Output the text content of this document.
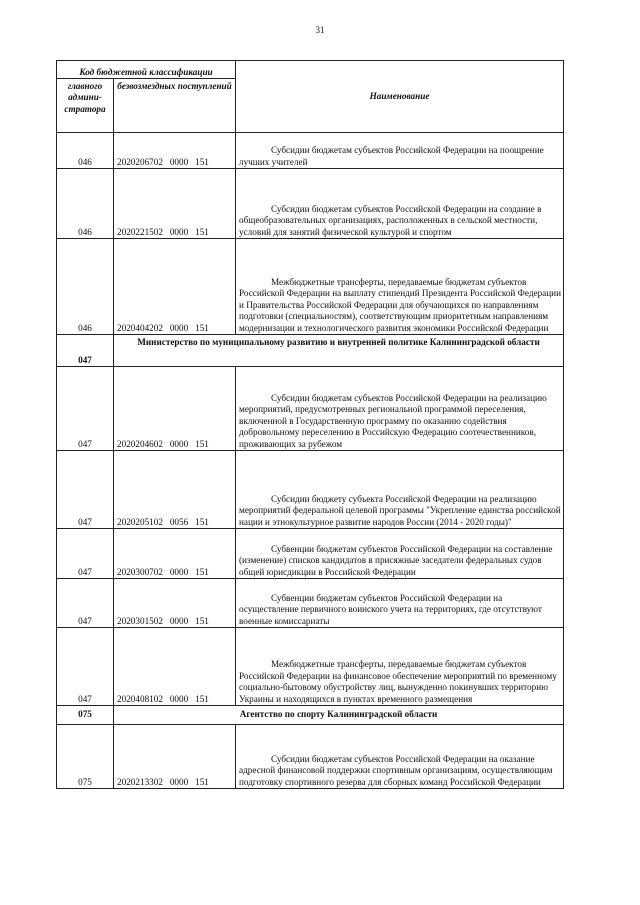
31
Код бюджетной классификации		Наименование
главного админи-стратора	безвозмездных поступлений	
046	2020206702   0000   151	Субсидии бюджетам субъектов Российской Федерации на поощрение лучших учителей

046	2020221502   0000   151	Субсидии бюджетам субъектов Российской Федерации на создание в общеобразовательных организациях, расположенных в сельской местности, условий для занятий физической культурой и спортом

046	2020404202   0000   151	Межбюджетные трансферты, передаваемые бюджетам субъектов Российской Федерации на выплату стипендий Президента Российской Федерации и Правительства Российской Федерации для обучающихся по направлениям подготовки (специальностям), соответствующим приоритетным направлениям модернизации и технологического развития экономики Российской Федерации

047	Министерство по муниципальному развитию и внутренней политике Калининградской области	
047	2020204602   0000   151	Субсидии бюджетам субъектов Российской Федерации на реализацию мероприятий, предусмотренных региональной программой переселения, включенной в Государственную программу по оказанию содействия добровольному переселению в Российскую Федерацию соотечественников, проживающих за рубежом

047	2020205102   0056   151	Субсидии бюджету субъекта Российской Федерации на реализацию мероприятий федеральной целевой программы "Укрепление единства российской нации и этнокультурное развитие народов России (2014 - 2020 годы)"

047	2020300702   0000   151	Субвенции бюджетам субъектов Российской Федерации на составление (изменение) списков кандидатов в присяжные заседатели федеральных судов общей юрисдикции в Российской Федерации

047	2020301502   0000   151	Субвенции бюджетам субъектов Российской Федерации на осуществление первичного воинского учета на территориях, где отсутствуют военные комиссариаты

047	2020408102   0000   151	Межбюджетные трансферты, передаваемые бюджетам субъектов Российской Федерации на финансовое обеспечение мероприятий по временному социально-бытовому обустройству лиц, вынужденно покинувших территорию Украины и находящихся в пунктах временного размещения

075	Агентство по спорту Калининградской области	
075	2020213302   0000   151	Субсидии бюджетам субъектов Российской Федерации на оказание адресной финансовой поддержки спортивным организациям, осуществляющим подготовку спортивного резерва для сборных команд Российской Федерации
